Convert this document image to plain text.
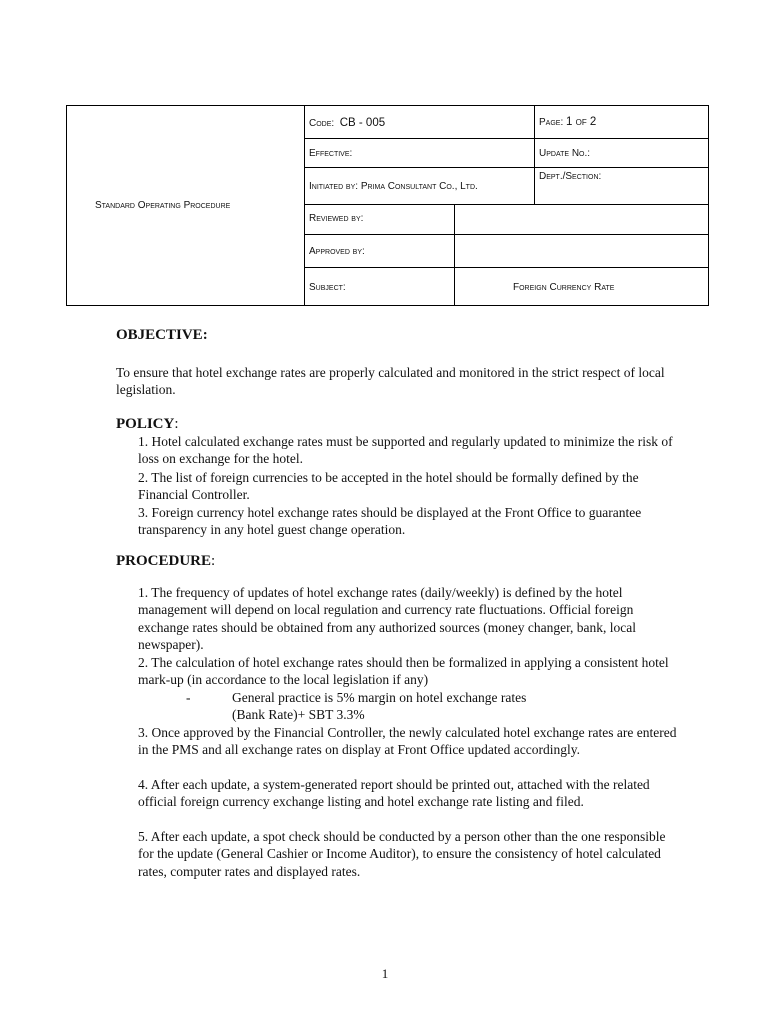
Standard Operating Procedure	Code: CB - 005		Page: 1 of 2
	Effective:		Update No.:
	Initiated by: Prima Consultant Co., Ltd.		Dept./Section:
	Reviewed by:		
	Approved by:		
	Subject:	Foreign Currency Rate	
OBJECTIVE:

To ensure that hotel exchange rates are properly calculated and monitored in the strict respect of local legislation.

POLICY:

1. Hotel calculated exchange rates must be supported and regularly updated to minimize the risk of loss on exchange for the hotel.

2. The list of foreign currencies to be accepted in the hotel should be formally defined by the Financial Controller.

3. Foreign currency hotel exchange rates should be displayed at the Front Office to guarantee transparency in any hotel guest change operation.

PROCEDURE:

1. The frequency of updates of hotel exchange rates (daily/weekly) is defined by the hotel management will depend on local regulation and currency rate fluctuations. Official foreign exchange rates should be obtained from any authorized sources (money changer, bank, local newspaper).

2. The calculation of hotel exchange rates should then be formalized in applying a consistent hotel mark-up (in accordance to the local legislation if any)

-	General practice is 5% margin on hotel exchange rates
(Bank Rate)+ SBT 3.3%

3. Once approved by the Financial Controller, the newly calculated hotel exchange rates are entered in the PMS and all exchange rates on display at Front Office updated accordingly.

4. After each update, a system-generated report should be printed out, attached with the related official foreign currency exchange listing and hotel exchange rate listing and filed.

5. After each update, a spot check should be conducted by a person other than the one responsible for the update (General Cashier or Income Auditor), to ensure the consistency of hotel calculated rates, computer rates and displayed rates.

1
